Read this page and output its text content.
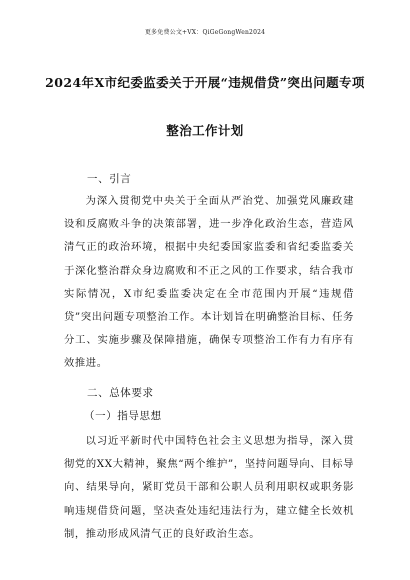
更多免费公文+VX：QiGeGongWen2024
2024年X市纪委监委关于开展“违规借贷”突出问题专项
整治工作计划
一、引言
为深入贯彻党中央关于全面从严治党、加强党风廉政建设和反腐败斗争的决策部署，进一步净化政治生态，营造风清气正的政治环境，根据中央纪委国家监委和省纪委监委关于深化整治群众身边腐败和不正之风的工作要求，结合我市实际情况，X市纪委监委决定在全市范围内开展“违规借贷”突出问题专项整治工作。本计划旨在明确整治目标、任务分工、实施步骤及保障措施，确保专项整治工作有力有序有效推进。
二、总体要求
（一）指导思想
以习近平新时代中国特色社会主义思想为指导，深入贯彻党的XX大精神，聚焦“两个维护”，坚持问题导向、目标导向、结果导向，紧盯党员干部和公职人员利用职权或职务影响违规借贷问题，坚决查处违纪违法行为，建立健全长效机制，推动形成风清气正的良好政治生态。
